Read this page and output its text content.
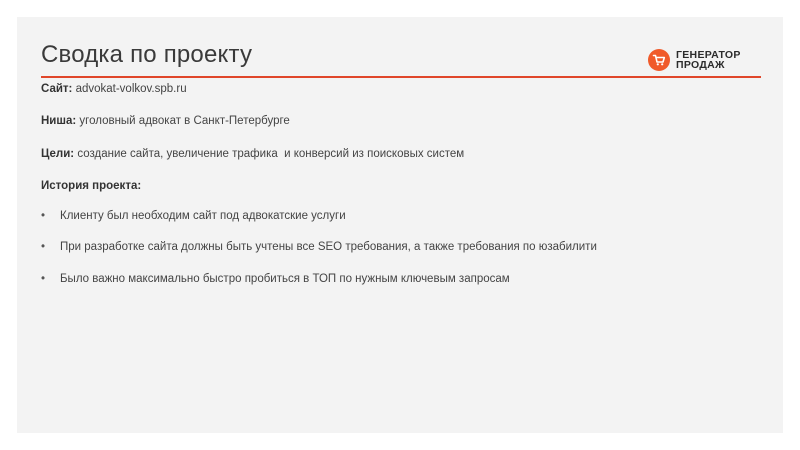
Сводка по проекту	ГЕНЕРАТОР
ПРОДАЖ
Сайт: advokat-volkov.spb.ru
Ниша: уголовный адвокат в Санкт-Петербурге
Цели: создание сайта, увеличение трафика  и конверсий из поисковых систем
История проекта:
• Клиенту был необходим сайт под адвокатские услуги
• При разработке сайта должны быть учтены все SEO требования, а также требования по юзабилити
• Было важно максимально быстро пробиться в ТОП по нужным ключевым запросам
